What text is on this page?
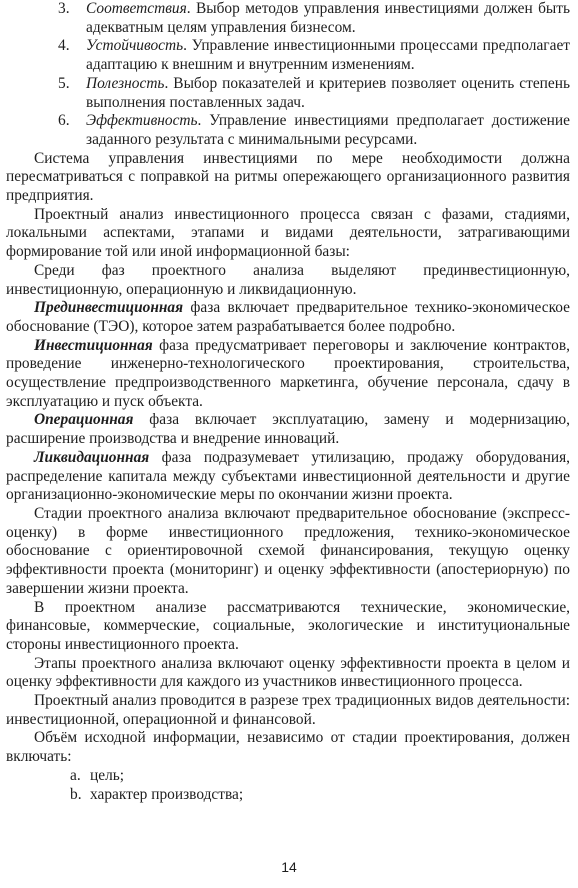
3. Соответствия. Выбор методов управления инвестициями должен быть адекватным целям управления бизнесом.

4. Устойчивость. Управление инвестиционными процессами предполагает адаптацию к внешним и внутренним изменениям.

5. Полезность. Выбор показателей и критериев позволяет оценить степень выполнения поставленных задач.

6. Эффективность. Управление инвестициями предполагает достижение заданного результата с минимальными ресурсами.

Система управления инвестициями по мере необходимости должна пересматриваться с поправкой на ритмы опережающего организационного развития предприятия.

Проектный анализ инвестиционного процесса связан с фазами, стадиями, локальными аспектами, этапами и видами деятельности, затрагивающими формирование той или иной информационной базы:

Среди фаз проектного анализа выделяют прединвестиционную, инвестиционную, операционную и ликвидационную.

Прединвестиционная фаза включает предварительное технико-экономическое обоснование (ТЭО), которое затем разрабатывается более подробно.

Инвестиционная фаза предусматривает переговоры и заключение контрактов, проведение инженерно-технологического проектирования, строительства, осуществление предпроизводственного маркетинга, обучение персонала, сдачу в эксплуатацию и пуск объекта.

Операционная фаза включает эксплуатацию, замену и модернизацию, расширение производства и внедрение инноваций.

Ликвидационная фаза подразумевает утилизацию, продажу оборудования, распределение капитала между субъектами инвестиционной деятельности и другие организационно-экономические меры по окончании жизни проекта.

Стадии проектного анализа включают предварительное обоснование (экспресс-оценку) в форме инвестиционного предложения, технико-экономическое обоснование с ориентировочной схемой финансирования, текущую оценку эффективности проекта (мониторинг) и оценку эффективности (апостериорную) по завершении жизни проекта.

В проектном анализе рассматриваются технические, экономические, финансовые, коммерческие, социальные, экологические и институциональные стороны инвестиционного проекта.

Этапы проектного анализа включают оценку эффективности проекта в целом и оценку эффективности для каждого из участников инвестиционного процесса.

Проектный анализ проводится в разрезе трех традиционных видов деятельности: инвестиционной, операционной и финансовой.

Объём исходной информации, независимо от стадии проектирования, должен включать:

a. цель;

b. характер производства;

14
